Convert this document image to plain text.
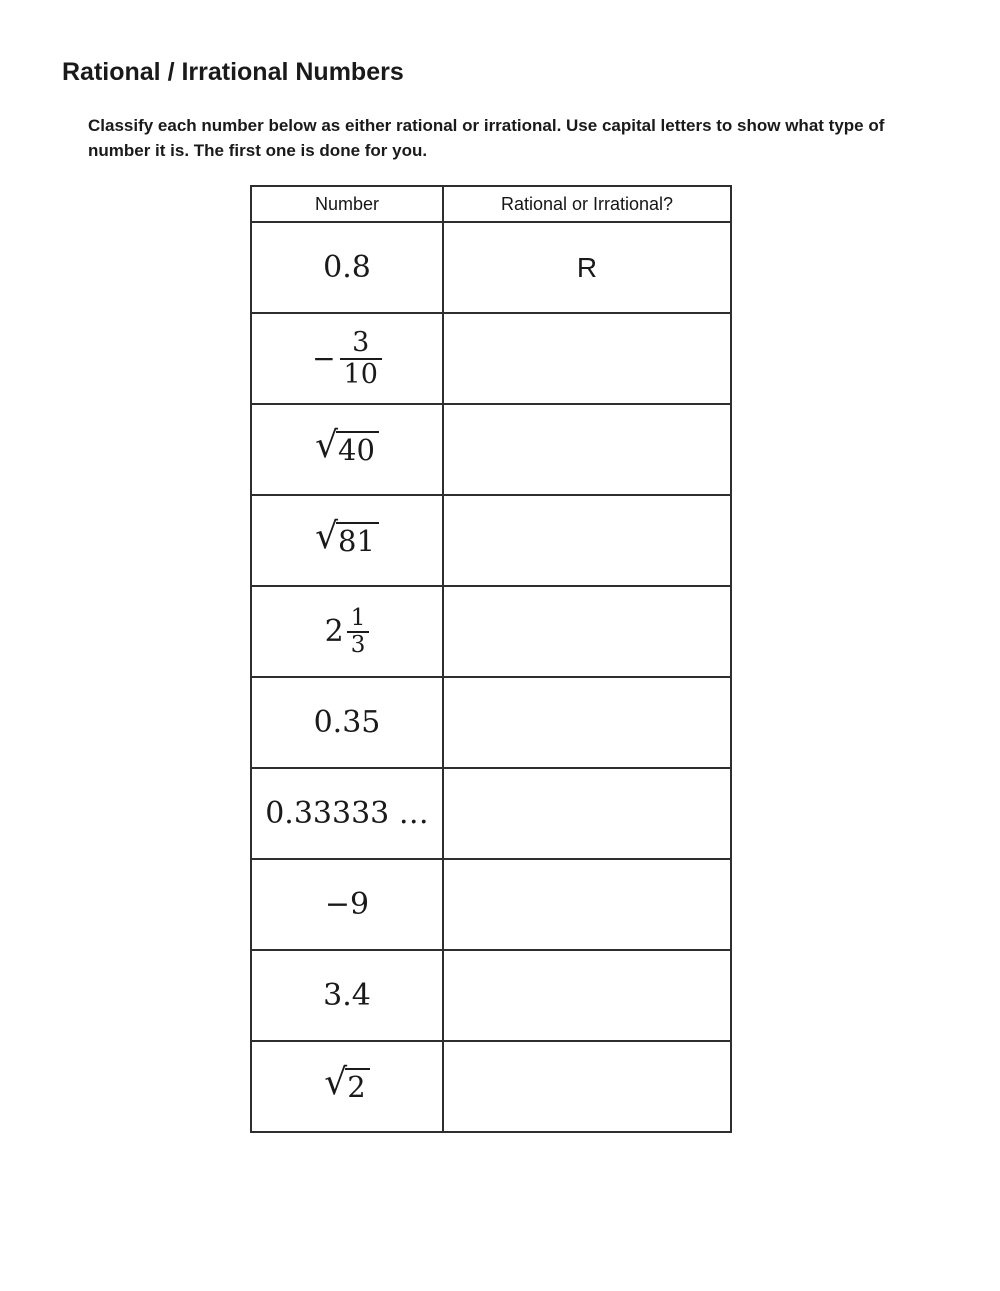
Rational / Irrational Numbers

Classify each number below as either rational or irrational. Use capital letters to show what type of number it is. The first one is done for you.

Number	Rational or Irrational?
0.8	R

− $\frac{3}{10}$

√ 40	

√ 81	

$2 \frac{1}{3}$

0.35	
0.33333 …	
−9	
3.4	

√ 2	
